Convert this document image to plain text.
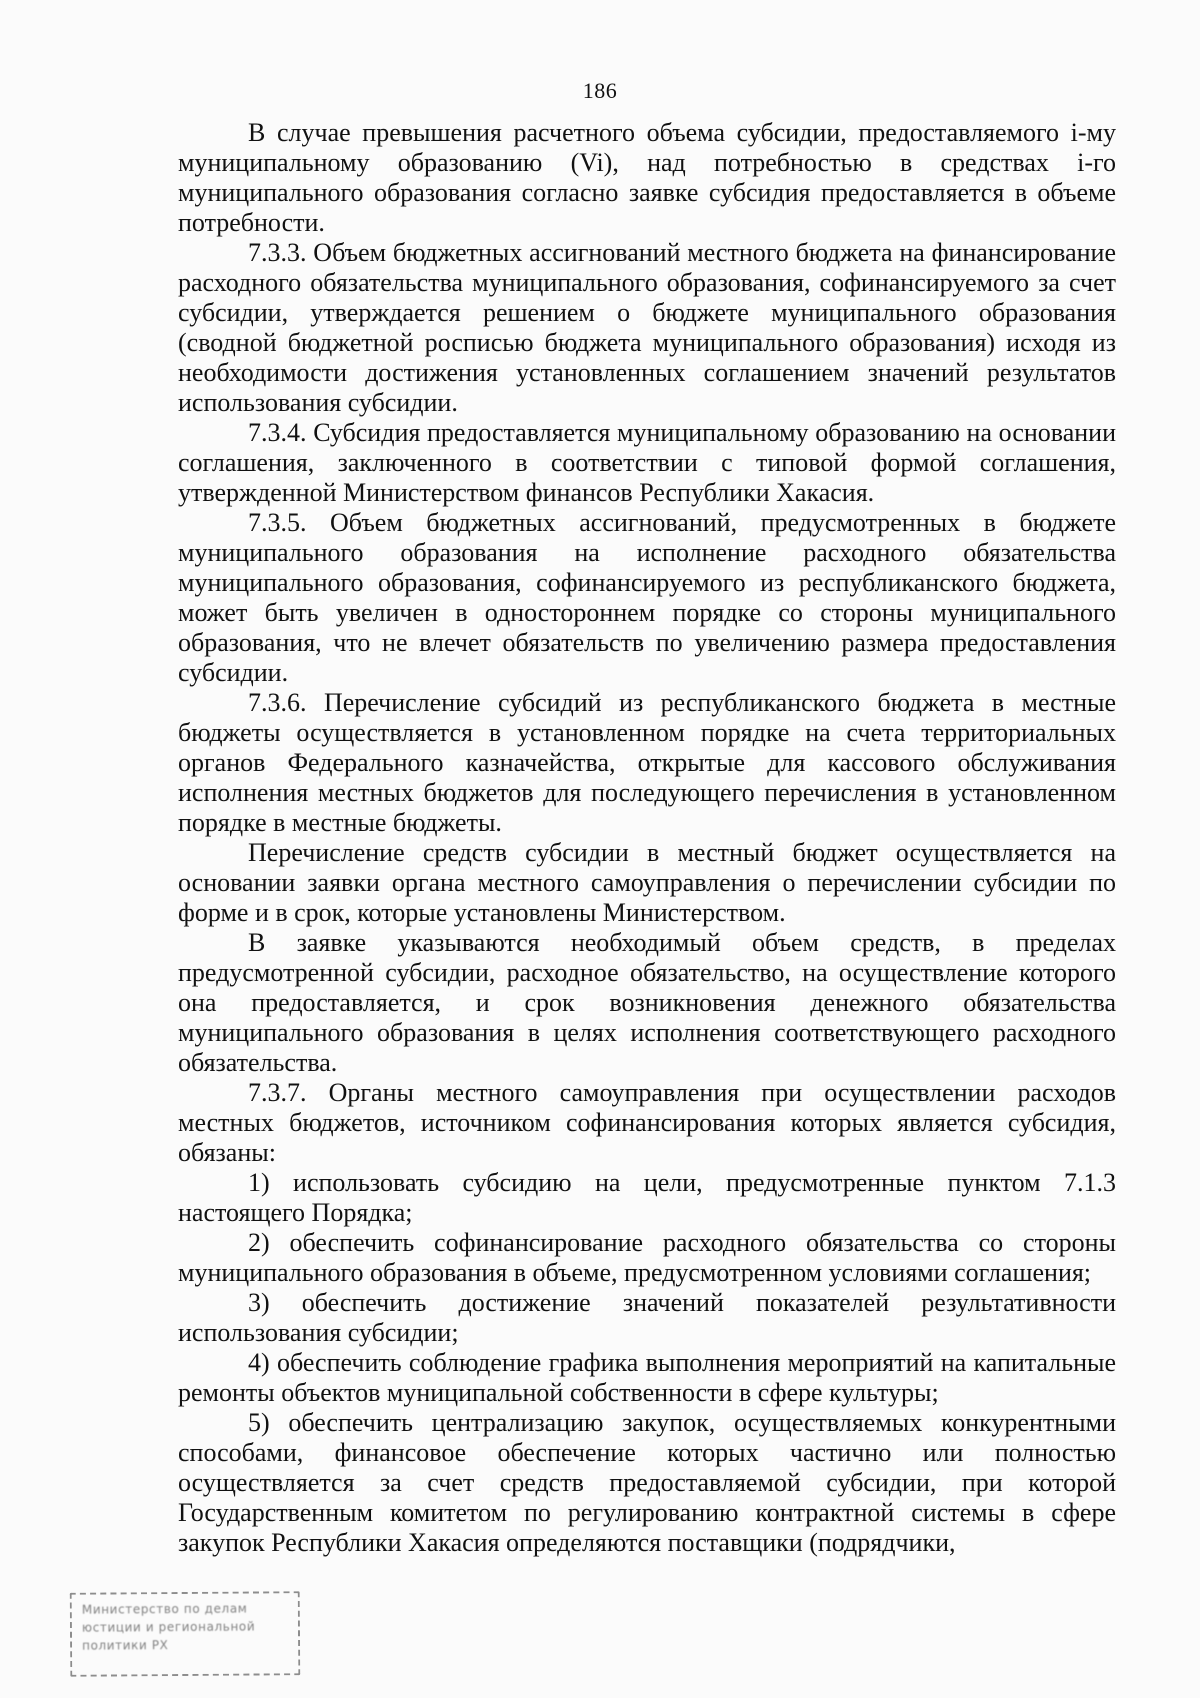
186

В случае превышения расчетного объема субсидии, предоставляемого i-му муниципальному образованию (Vi), над потребностью в средствах i-го муниципального образования согласно заявке субсидия предоставляется в объеме потребности.

7.3.3. Объем бюджетных ассигнований местного бюджета на финансирование расходного обязательства муниципального образования, софинансируемого за счет субсидии, утверждается решением о бюджете муниципального образования (сводной бюджетной росписью бюджета муниципального образования) исходя из необходимости достижения установленных соглашением значений результатов использования субсидии.

7.3.4. Субсидия предоставляется муниципальному образованию на основании соглашения, заключенного в соответствии с типовой формой соглашения, утвержденной Министерством финансов Республики Хакасия.

7.3.5. Объем бюджетных ассигнований, предусмотренных в бюджете муниципального образования на исполнение расходного обязательства муниципального образования, софинансируемого из республиканского бюджета, может быть увеличен в одностороннем порядке со стороны муниципального образования, что не влечет обязательств по увеличению размера предоставления субсидии.

7.3.6. Перечисление субсидий из республиканского бюджета в местные бюджеты осуществляется в установленном порядке на счета территориальных органов Федерального казначейства, открытые для кассового обслуживания исполнения местных бюджетов для последующего перечисления в установленном порядке в местные бюджеты.

Перечисление средств субсидии в местный бюджет осуществляется на основании заявки органа местного самоуправления о перечислении субсидии по форме и в срок, которые установлены Министерством.

В заявке указываются необходимый объем средств, в пределах предусмотренной субсидии, расходное обязательство, на осуществление которого она предоставляется, и срок возникновения денежного обязательства муниципального образования в целях исполнения соответствующего расходного обязательства.

7.3.7. Органы местного самоуправления при осуществлении расходов местных бюджетов, источником софинансирования которых является субсидия, обязаны:

1) использовать субсидию на цели, предусмотренные пунктом 7.1.3 настоящего Порядка;

2) обеспечить софинансирование расходного обязательства со стороны муниципального образования в объеме, предусмотренном условиями соглашения;

3) обеспечить достижение значений показателей результативности использования субсидии;

4) обеспечить соблюдение графика выполнения мероприятий на капитальные ремонты объектов муниципальной собственности в сфере культуры;

5) обеспечить централизацию закупок, осуществляемых конкурентными способами, финансовое обеспечение которых частично или полностью осуществляется за счет средств предоставляемой субсидии, при которой Государственным комитетом по регулированию контрактной системы в сфере закупок Республики Хакасия определяются поставщики (подрядчики,

Министерство по делам
юстиции и региональной
политики РХ
